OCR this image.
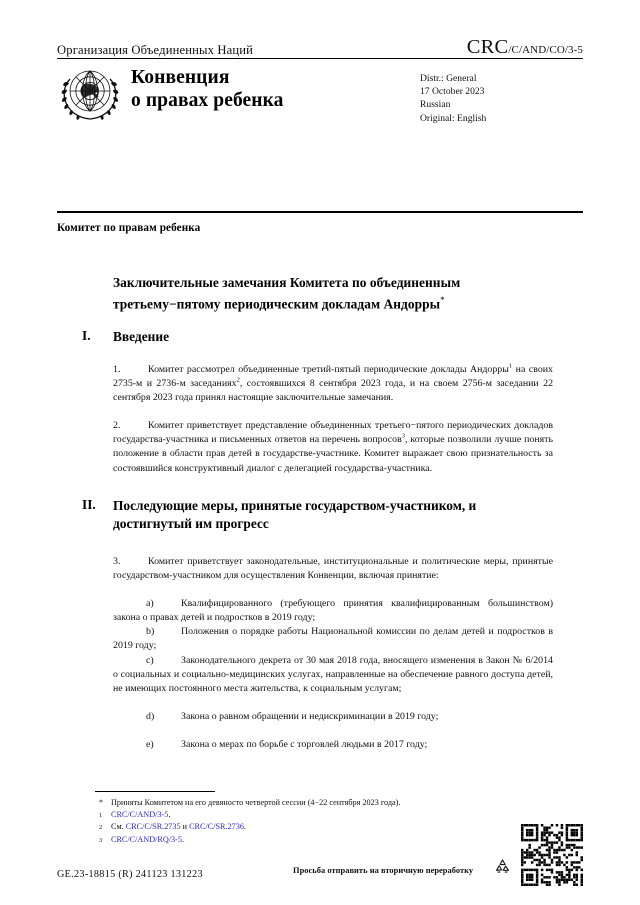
Организация Объединенных Наций	CRC/C/AND/CO/3-5
Конвенция
о правах ребенка
Distr.: General
17 October 2023
Russian
Original: English
Комитет по правам ребенка
Заключительные замечания Комитета по объединенным третьему−пятому периодическим докладам Андорры*
I.	Введение
1.	Комитет рассмотрел объединенные третий-пятый периодические доклады Андорры$^1$ на своих 2735-м и 2736-м заседаниях$^2$, состоявшихся 8 сентября 2023 года, и на своем 2756-м заседании 22 сентября 2023 года принял настоящие заключительные замечания.
2.	Комитет приветствует представление объединенных третьего−пятого периодических докладов государства-участника и письменных ответов на перечень вопросов$^3$, которые позволили лучше понять положение в области прав детей в государстве-участнике. Комитет выражает свою признательность за состоявшийся конструктивный диалог с делегацией государства-участника.
II.	Последующие меры, принятые государством-участником, и достигнутый им прогресс
3.	Комитет приветствует законодательные, институциональные и политические меры, принятые государством-участником для осуществления Конвенции, включая принятие:
a)	Квалифицированного (требующего принятия квалифицированным большинством) закона о правах детей и подростков в 2019 году;
b)	Положения о порядке работы Национальной комиссии по делам детей и подростков в 2019 году;
c)	Законодательного декрета от 30 мая 2018 года, вносящего изменения в Закон № 6/2014 о социальных и социально-медицинских услугах, направленные на обеспечение равного доступа детей, не имеющих постоянного места жительства, к социальным услугам;
d)	Закона о равном обращении и недискриминации в 2019 году;
e)	Закона о мерах по борьбе с торговлей людьми в 2017 году;
* Приняты Комитетом на его девяносто четвертой сессии (4−22 сентября 2023 года).
1	CRC/C/AND/3-5.
2	См. CRC/C/SR.2735 и CRC/C/SR.2736.
3	CRC/C/AND/RQ/3-5.
GE.23-18815 (R) 241123 131223	Просьба отправить на вторичную переработку
